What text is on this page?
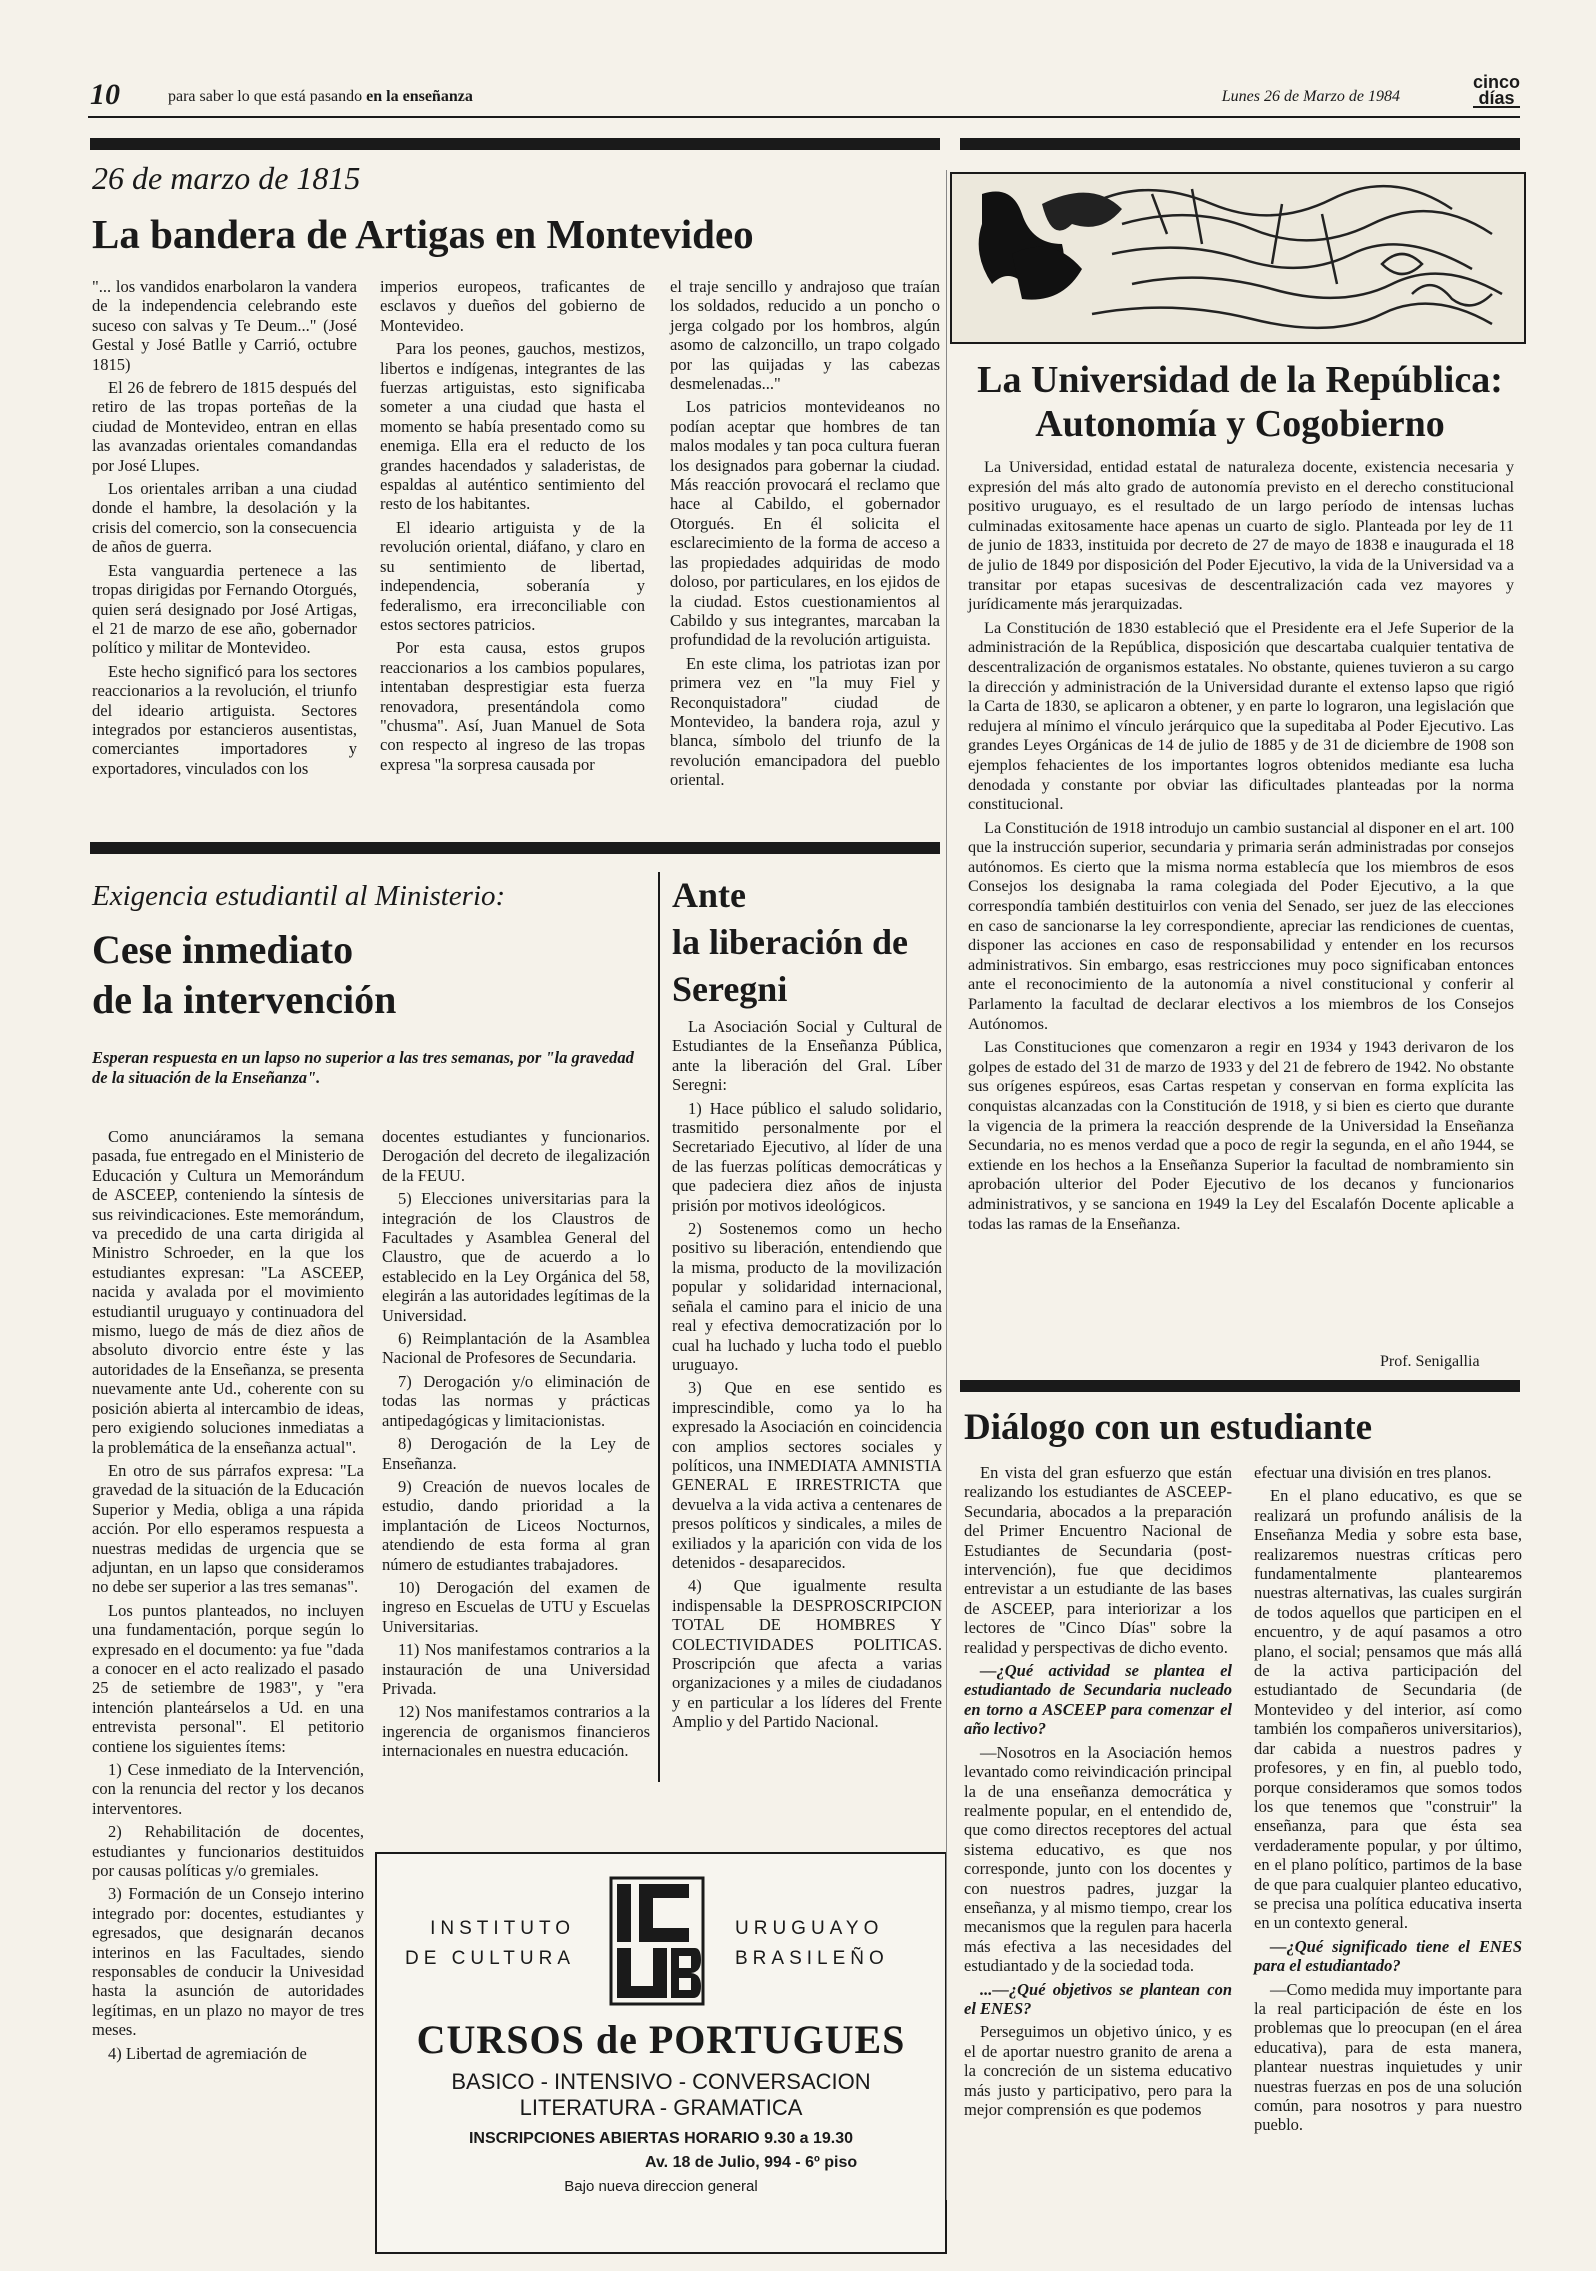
10	para saber lo que está pasando en la enseñanza	Lunes 26 de Marzo de 1984
cinco
días
26 de marzo de 1815
La bandera de Artigas en Montevideo

"... los vandidos enarbolaron la vandera de la independencia celebrando este suceso con salvas y Te Deum..." (José Gestal y José Batlle y Carrió, octubre 1815)

El 26 de febrero de 1815 después del retiro de las tropas porteñas de la ciudad de Montevideo, entran en ellas las avanzadas orientales comandandas por José Llupes.

Los orientales arriban a una ciudad donde el hambre, la desolación y la crisis del comercio, son la consecuencia de años de guerra.

Esta vanguardia pertenece a las tropas dirigidas por Fernando Otorgués, quien será designado por José Artigas, el 21 de marzo de ese año, gobernador político y militar de Montevideo.

Este hecho significó para los sectores reaccionarios a la revolución, el triunfo del ideario artiguista. Sectores integrados por estancieros ausentistas, comerciantes importadores y exportadores, vinculados con los

imperios europeos, traficantes de esclavos y dueños del gobierno de Montevideo.

Para los peones, gauchos, mestizos, libertos e indígenas, integrantes de las fuerzas artiguistas, esto significaba someter a una ciudad que hasta el momento se había presentado como su enemiga. Ella era el reducto de los grandes hacendados y saladeristas, de espaldas al auténtico sentimiento del resto de los habitantes.

El ideario artiguista y de la revolución oriental, diáfano, y claro en su sentimiento de libertad, independencia, soberanía y federalismo, era irreconciliable con estos sectores patricios.

Por esta causa, estos grupos reaccionarios a los cambios populares, intentaban desprestigiar esta fuerza renovadora, presentándola como "chusma". Así, Juan Manuel de Sota con respecto al ingreso de las tropas expresa "la sorpresa causada por

el traje sencillo y andrajoso que traían los soldados, reducido a un poncho o jerga colgado por los hombros, algún asomo de calzoncillo, un trapo colgado por las quijadas y las cabezas desmelenadas..."

Los patricios montevideanos no podían aceptar que hombres de tan malos modales y tan poca cultura fueran los designados para gobernar la ciudad. Más reacción provocará el reclamo que hace al Cabildo, el gobernador Otorgués. En él solicita el esclarecimiento de la forma de acceso a las propiedades adquiridas de modo doloso, por particulares, en los ejidos de la ciudad. Estos cuestionamientos al Cabildo y sus integrantes, marcaban la profundidad de la revolución artiguista.

En este clima, los patriotas izan por primera vez en "la muy Fiel y Reconquistadora" ciudad de Montevideo, la bandera roja, azul y blanca, símbolo del triunfo de la revolución emancipadora del pueblo oriental.

Exigencia estudiantil al Ministerio:
Cese inmediato
de la intervención
Esperan respuesta en un lapso no superior a las tres semanas, por "la gravedad de la situación de la Enseñanza".

Como anunciáramos la semana pasada, fue entregado en el Ministerio de Educación y Cultura un Memorándum de ASCEEP, conteniendo la síntesis de sus reivindicaciones. Este memorándum, va precedido de una carta dirigida al Ministro Schroeder, en la que los estudiantes expresan: "La ASCEEP, nacida y avalada por el movimiento estudiantil uruguayo y continuadora del mismo, luego de más de diez años de absoluto divorcio entre éste y las autoridades de la Enseñanza, se presenta nuevamente ante Ud., coherente con su posición abierta al intercambio de ideas, pero exigiendo soluciones inmediatas a la problemática de la enseñanza actual".

En otro de sus párrafos expresa: "La gravedad de la situación de la Educación Superior y Media, obliga a una rápida acción. Por ello esperamos respuesta a nuestras medidas de urgencia que se adjuntan, en un lapso que consideramos no debe ser superior a las tres semanas".

Los puntos planteados, no incluyen una fundamentación, porque según lo expresado en el documento: ya fue "dada a conocer en el acto realizado el pasado 25 de setiembre de 1983", y "era intención planteárselos a Ud. en una entrevista personal". El petitorio contiene los siguientes ítems:

1) Cese inmediato de la Intervención, con la renuncia del rector y los decanos interventores.

2) Rehabilitación de docentes, estudiantes y funcionarios destituidos por causas políticas y/o gremiales.

3) Formación de un Consejo interino integrado por: docentes, estudiantes y egresados, que designarán decanos interinos en las Facultades, siendo responsables de conducir la Univesidad hasta la asunción de autoridades legítimas, en un plazo no mayor de tres meses.

4) Libertad de agremiación de

docentes estudiantes y funcionarios. Derogación del decreto de ilegalización de la FEUU.

5) Elecciones universitarias para la integración de los Claustros de Facultades y Asamblea General del Claustro, que de acuerdo a lo establecido en la Ley Orgánica del 58, elegirán a las autoridades legítimas de la Universidad.

6) Reimplantación de la Asamblea Nacional de Profesores de Secundaria.

7) Derogación y/o eliminación de todas las normas y prácticas antipedagógicas y limitacionistas.

8) Derogación de la Ley de Enseñanza.

9) Creación de nuevos locales de estudio, dando prioridad a la implantación de Liceos Nocturnos, atendiendo de esta forma al gran número de estudiantes trabajadores.

10) Derogación del examen de ingreso en Escuelas de UTU y Escuelas Universitarias.

11) Nos manifestamos contrarios a la instauración de una Universidad Privada.

12) Nos manifestamos contrarios a la ingerencia de organismos financieros internacionales en nuestra educación.

Ante
la liberación de
Seregni

La Asociación Social y Cultural de Estudiantes de la Enseñanza Pública, ante la liberación del Gral. Líber Seregni:

1) Hace público el saludo solidario, trasmitido personalmente por el Secretariado Ejecutivo, al líder de una de las fuerzas políticas democráticas y que padeciera diez años de injusta prisión por motivos ideológicos.

2) Sostenemos como un hecho positivo su liberación, entendiendo que la misma, producto de la movilización popular y solidaridad internacional, señala el camino para el inicio de una real y efectiva democratización por lo cual ha luchado y lucha todo el pueblo uruguayo.

3) Que en ese sentido es imprescindible, como ya lo ha expresado la Asociación en coincidencia con amplios sectores sociales y políticos, una INMEDIATA AMNISTIA GENERAL E IRRESTRICTA que devuelva a la vida activa a centenares de presos políticos y sindicales, a miles de exiliados y la aparición con vida de los detenidos - desaparecidos.

4) Que igualmente resulta indispensable la DESPROSCRIPCION TOTAL DE HOMBRES Y COLECTIVIDADES POLITICAS. Proscripción que afecta a varias organizaciones y a miles de ciudadanos y en particular a los líderes del Frente Amplio y del Partido Nacional.

INSTITUTO
DE CULTURA
URUGUAYO
BRASILEÑO
CURSOS de PORTUGUES
BASICO - INTENSIVO - CONVERSACION
LITERATURA - GRAMATICA
INSCRIPCIONES ABIERTAS HORARIO 9.30 a 19.30
Av. 18 de Julio, 994 - 6º piso
Bajo nueva direccion general
La Universidad de la República:
Autonomía y Cogobierno

La Universidad, entidad estatal de naturaleza docente, existencia necesaria y expresión del más alto grado de autonomía previsto en el derecho constitucional positivo uruguayo, es el resultado de un largo período de intensas luchas culminadas exitosamente hace apenas un cuarto de siglo. Planteada por ley de 11 de junio de 1833, instituida por decreto de 27 de mayo de 1838 e inaugurada el 18 de julio de 1849 por disposición del Poder Ejecutivo, la vida de la Universidad va a transitar por etapas sucesivas de descentralización cada vez mayores y jurídicamente más jerarquizadas.

La Constitución de 1830 estableció que el Presidente era el Jefe Superior de la administración de la República, disposición que descartaba cualquier tentativa de descentralización de organismos estatales. No obstante, quienes tuvieron a su cargo la dirección y administración de la Universidad durante el extenso lapso que rigió la Carta de 1830, se aplicaron a obtener, y en parte lo lograron, una legislación que redujera al mínimo el vínculo jerárquico que la supeditaba al Poder Ejecutivo. Las grandes Leyes Orgánicas de 14 de julio de 1885 y de 31 de diciembre de 1908 son ejemplos fehacientes de los importantes logros obtenidos mediante esa lucha denodada y constante por obviar las dificultades planteadas por la norma constitucional.

La Constitución de 1918 introdujo un cambio sustancial al disponer en el art. 100 que la instrucción superior, secundaria y primaria serán administradas por consejos autónomos. Es cierto que la misma norma establecía que los miembros de esos Consejos los designaba la rama colegiada del Poder Ejecutivo, a la que correspondía también destituirlos con venia del Senado, ser juez de las elecciones en caso de sancionarse la ley correspondiente, apreciar las rendiciones de cuentas, disponer las acciones en caso de responsabilidad y entender en los recursos administrativos. Sin embargo, esas restricciones muy poco significaban entonces ante el reconocimiento de la autonomía a nivel constitucional y conferir al Parlamento la facultad de declarar electivos a los miembros de los Consejos Autónomos.

Las Constituciones que comenzaron a regir en 1934 y 1943 derivaron de los golpes de estado del 31 de marzo de 1933 y del 21 de febrero de 1942. No obstante sus orígenes espúreos, esas Cartas respetan y conservan en forma explícita las conquistas alcanzadas con la Constitución de 1918, y si bien es cierto que durante la vigencia de la primera la reacción desprende de la Universidad la Enseñanza Secundaria, no es menos verdad que a poco de regir la segunda, en el año 1944, se extiende en los hechos a la Enseñanza Superior la facultad de nombramiento sin aprobación ulterior del Poder Ejecutivo de los decanos y funcionarios administrativos, y se sanciona en 1949 la Ley del Escalafón Docente aplicable a todas las ramas de la Enseñanza.

Prof. Senigallia
Diálogo con un estudiante

En vista del gran esfuerzo que están realizando los estudiantes de ASCEEP-Secundaria, abocados a la preparación del Primer Encuentro Nacional de Estudiantes de Secundaria (post-intervención), fue que decidimos entrevistar a un estudiante de las bases de ASCEEP, para interiorizar a los lectores de "Cinco Días" sobre la realidad y perspectivas de dicho evento.

—¿Qué actividad se plantea el estudiantado de Secundaria nucleado en torno a ASCEEP para comenzar el año lectivo?

—Nosotros en la Asociación hemos levantado como reivindicación principal la de una enseñanza democrática y realmente popular, en el entendido de, que como directos receptores del actual sistema educativo, es que nos corresponde, junto con los docentes y con nuestros padres, juzgar la enseñanza, y al mismo tiempo, crear los mecanismos que la regulen para hacerla más efectiva a las necesidades del estudiantado y de la sociedad toda.

...—¿Qué objetivos se plantean con el ENES?

Perseguimos un objetivo único, y es el de aportar nuestro granito de arena a la concreción de un sistema educativo más justo y participativo, pero para la mejor comprensión es que podemos

efectuar una división en tres planos.

En el plano educativo, es que se realizará un profundo análisis de la Enseñanza Media y sobre esta base, realizaremos nuestras críticas pero fundamentalmente plantearemos nuestras alternativas, las cuales surgirán de todos aquellos que participen en el encuentro, y de aquí pasamos a otro plano, el social; pensamos que más allá de la activa participación del estudiantado de Secundaria (de Montevideo y del interior, así como también los compañeros universitarios), dar cabida a nuestros padres y profesores, y en fin, al pueblo todo, porque consideramos que somos todos los que tenemos que "construir" la enseñanza, para que ésta sea verdaderamente popular, y por último, en el plano político, partimos de la base de que para cualquier planteo educativo, se precisa una política educativa inserta en un contexto general.

—¿Qué significado tiene el ENES para el estudiantado?

—Como medida muy importante para la real participación de éste en los problemas que lo preocupan (en el área educativa), para de esta manera, plantear nuestras inquietudes y unir nuestras fuerzas en pos de una solución común, para nosotros y para nuestro pueblo.
